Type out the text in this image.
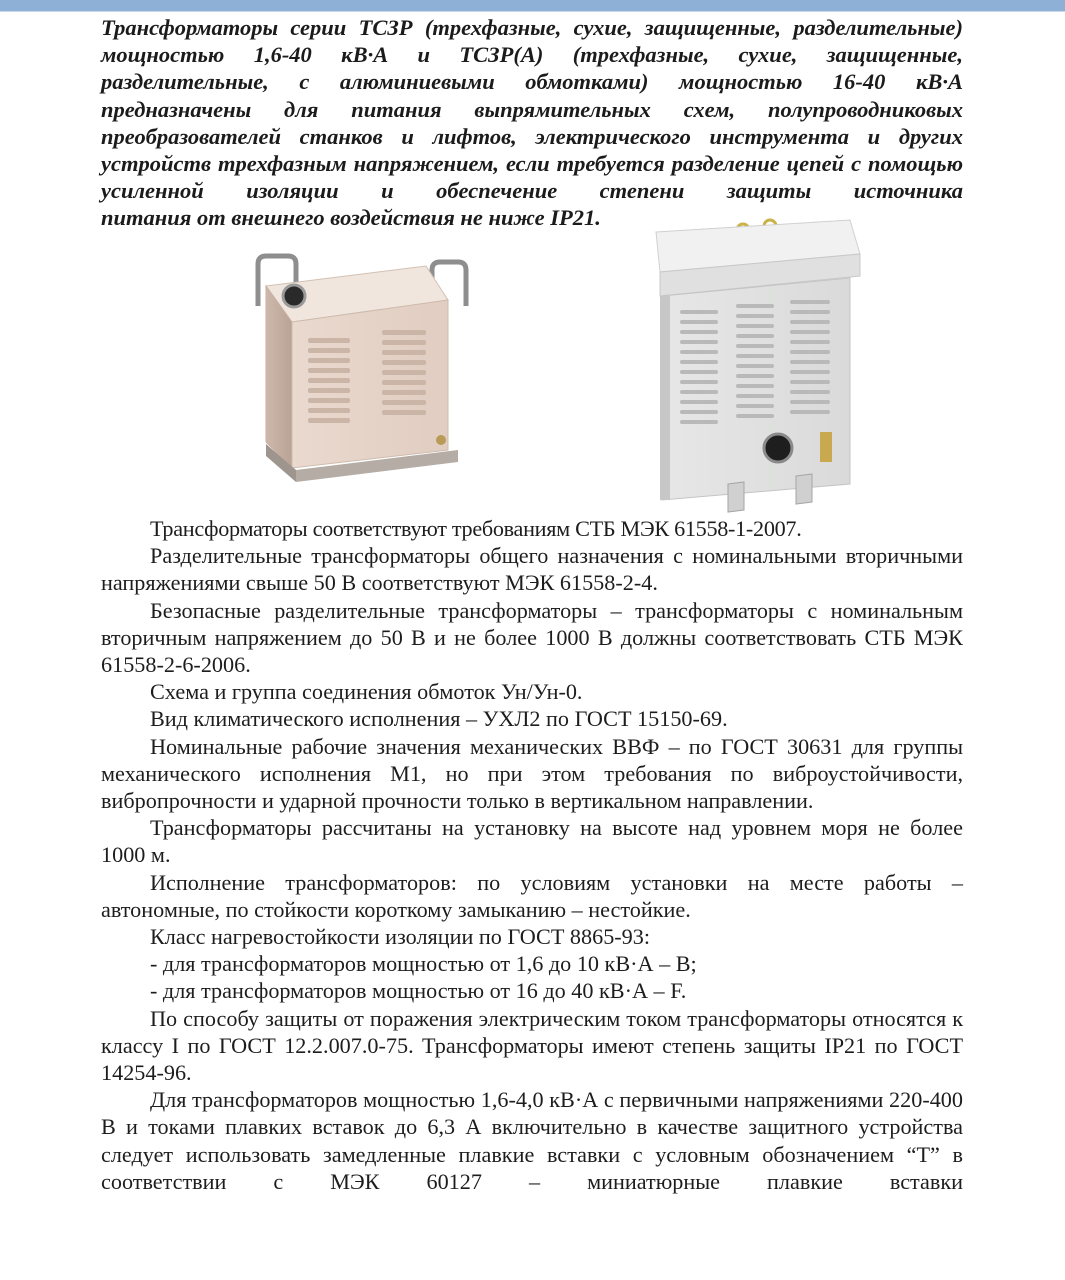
Трансформаторы серии ТСЗР (трехфазные, сухие, защищенные, разделительные) мощностью 1,6-40 кВ·А и ТСЗР(А) (трехфазные, сухие, защищенные, разделительные, с алюминиевыми обмотками) мощностью 16-40 кВ·А предназначены для питания выпрямительных схем, полупроводниковых преобразователей станков и лифтов, электрического инструмента и других устройств трехфазным напряжением, если требуется разделение цепей с помощью усиленной изоляции и обеспечение степени защиты источника
питания от внешнего воздействия не ниже IP21.

Трансформаторы соответствуют требованиям СТБ МЭК 61558-1-2007.

Разделительные трансформаторы общего назначения с номинальными вторичными напряжениями свыше 50 В соответствуют МЭК 61558-2-4.

Безопасные разделительные трансформаторы – трансформаторы с номинальным вторичным напряжением до 50 В и не более 1000 В должны соответствовать СТБ МЭК 61558-2-6-2006.

Схема и группа соединения обмоток Ун/Ун-0.

Вид климатического исполнения – УХЛ2 по ГОСТ 15150-69.

Номинальные рабочие значения механических ВВФ – по ГОСТ 30631 для группы механического исполнения М1, но при этом требования по виброустойчивости, вибропрочности и ударной прочности только в вертикальном направлении.

Трансформаторы рассчитаны на установку на высоте над уровнем моря не более 1000 м.

Исполнение трансформаторов: по условиям установки на месте работы – автономные, по стойкости короткому замыканию – нестойкие.

Класс нагревостойкости изоляции по ГОСТ 8865-93:

- для трансформаторов мощностью от 1,6 до 10 кВ·А – В;

- для трансформаторов мощностью от 16 до 40 кВ·А – F.

По способу защиты от поражения электрическим током трансформаторы относятся к классу I по ГОСТ 12.2.007.0-75. Трансформаторы имеют степень защиты IP21 по ГОСТ 14254-96.

Для трансформаторов мощностью 1,6-4,0 кВ·А с первичными напряжениями 220-400 В и токами плавких вставок до 6,3 А включительно в качестве защитного устройства следует использовать замедленные плавкие вставки с условным обозначением “Т” в соответствии с МЭК 60127 – миниатюрные плавкие вставки
